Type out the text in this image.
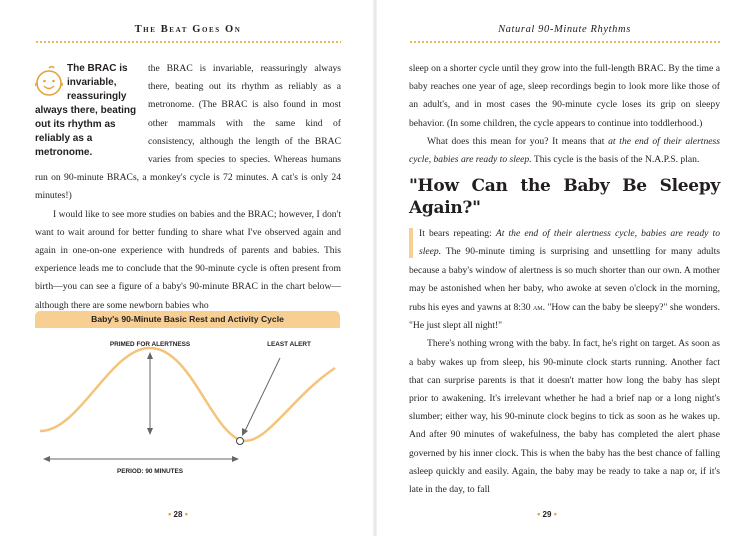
The Beat Goes On
The BRAC is invariable, reassuringly always there, beating out its rhythm as reliably as a metronome.

the BRAC is invariable, reassuringly always there, beating out its rhythm as reliably as a metronome. (The BRAC is also found in most other mammals with the same kind of consistency, although the length of the BRAC varies from species to species. Whereas humans run on 90-minute BRACs, a monkey's cycle is 72 minutes. A cat's is only 24 minutes!)

I would like to see more studies on babies and the BRAC; however, I don't want to wait around for better funding to share what I've observed again and again in one-on-one experience with hundreds of parents and babies. This experience leads me to conclude that the 90-minute cycle is often present from birth—you can see a figure of a baby's 90-minute BRAC in the chart below—although there are some newborn babies who

Baby's 90-Minute Basic Rest and Activity Cycle
PRIMED FOR ALERTNESS	LEAST ALERT
PERIOD: 90 MINUTES
• 28 •
Natural 90-Minute Rhythms

sleep on a shorter cycle until they grow into the full-length BRAC. By the time a baby reaches one year of age, sleep recordings begin to look more like those of an adult's, and in most cases the 90-minute cycle loses its grip on sleepy behavior. (In some children, the cycle appears to continue into toddlerhood.)

What does this mean for you? It means that at the end of their alertness cycle, babies are ready to sleep. This cycle is the basis of the N.A.P.S. plan.

"How Can the Baby Be Sleepy Again?"

It bears repeating: At the end of their alertness cycle, babies are ready to sleep. The 90-minute timing is surprising and unsettling for many adults because a baby's window of alertness is so much shorter than our own. A mother may be astonished when her baby, who awoke at seven o'clock in the morning, rubs his eyes and yawns at 8:30 am. "How can the baby be sleepy?" she wonders. "He just slept all night!"

There's nothing wrong with the baby. In fact, he's right on target. As soon as a baby wakes up from sleep, his 90-minute clock starts running. Another fact that can surprise parents is that it doesn't matter how long the baby has slept prior to awakening. It's irrelevant whether he had a brief nap or a long night's slumber; either way, his 90-minute clock begins to tick as soon as he wakes up. And after 90 minutes of wakefulness, the baby has completed the alert phase governed by his inner clock. This is when the baby has the best chance of falling asleep quickly and easily. Again, the baby may be ready to take a nap or, if it's late in the day, to fall

• 29 •
